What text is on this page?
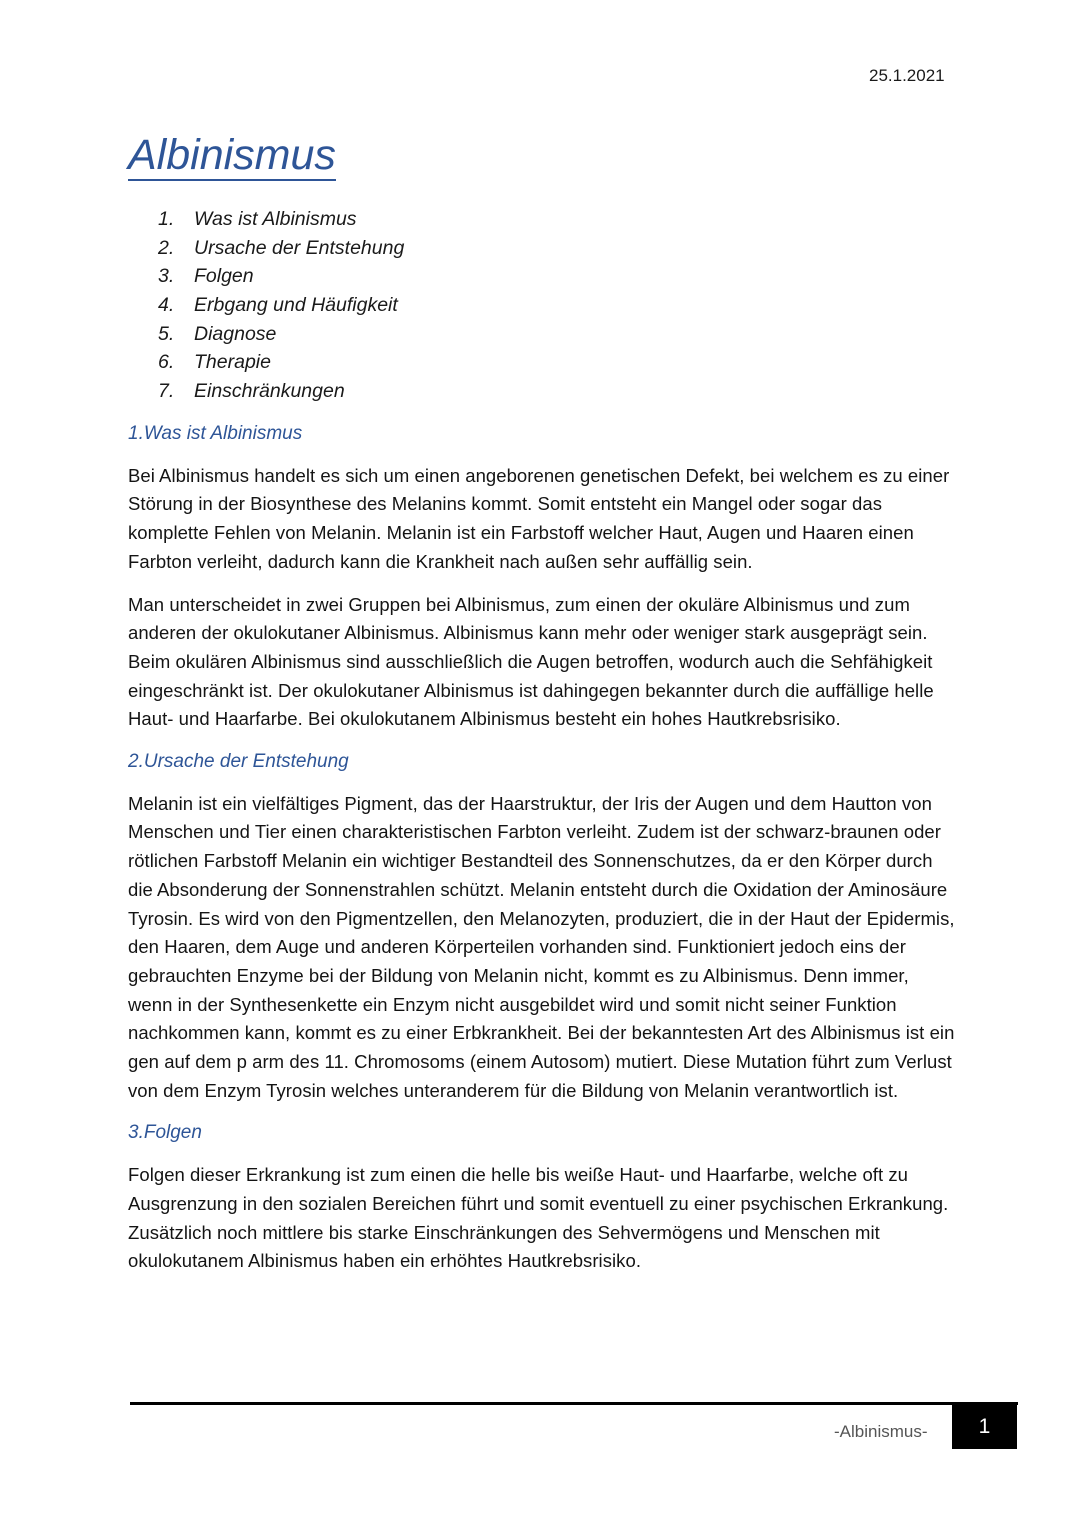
25.1.2021
Albinismus
1. Was ist Albinismus
2. Ursache der Entstehung
3. Folgen
4. Erbgang und Häufigkeit
5. Diagnose
6. Therapie
7. Einschränkungen
1.Was ist Albinismus

Bei Albinismus handelt es sich um einen angeborenen genetischen Defekt, bei welchem es zu einer Störung in der Biosynthese des Melanins kommt. Somit entsteht ein Mangel oder sogar das komplette Fehlen von Melanin. Melanin ist ein Farbstoff welcher Haut, Augen und Haaren einen Farbton verleiht, dadurch kann die Krankheit nach außen sehr auffällig sein.

Man unterscheidet in zwei Gruppen bei Albinismus, zum einen der okuläre Albinismus und zum anderen der okulokutaner Albinismus. Albinismus kann mehr oder weniger stark ausgeprägt sein. Beim okulären Albinismus sind ausschließlich die Augen betroffen, wodurch auch die Sehfähigkeit eingeschränkt ist. Der okulokutaner Albinismus ist dahingegen bekannter durch die auffällige helle Haut- und Haarfarbe. Bei okulokutanem Albinismus besteht ein hohes Hautkrebsrisiko.

2.Ursache der Entstehung

Melanin ist ein vielfältiges Pigment, das der Haarstruktur, der Iris der Augen und dem Hautton von Menschen und Tier einen charakteristischen Farbton verleiht. Zudem ist der schwarz-braunen oder rötlichen Farbstoff Melanin ein wichtiger Bestandteil des Sonnenschutzes, da er den Körper durch die Absonderung der Sonnenstrahlen schützt. Melanin entsteht durch die Oxidation der Aminosäure Tyrosin. Es wird von den Pigmentzellen, den Melanozyten, produziert, die in der Haut der Epidermis, den Haaren, dem Auge und anderen Körperteilen vorhanden sind. Funktioniert jedoch eins der gebrauchten Enzyme bei der Bildung von Melanin nicht, kommt es zu Albinismus. Denn immer, wenn in der Synthesenkette ein Enzym nicht ausgebildet wird und somit nicht seiner Funktion nachkommen kann, kommt es zu einer Erbkrankheit. Bei der bekanntesten Art des Albinismus ist ein gen auf dem p arm des 11. Chromosoms (einem Autosom) mutiert. Diese Mutation führt zum Verlust von dem Enzym Tyrosin welches unteranderem für die Bildung von Melanin verantwortlich ist.

3.Folgen

Folgen dieser Erkrankung ist zum einen die helle bis weiße Haut- und Haarfarbe, welche oft zu Ausgrenzung in den sozialen Bereichen führt und somit eventuell zu einer psychischen Erkrankung. Zusätzlich noch mittlere bis starke Einschränkungen des Sehvermögens und Menschen mit okulokutanem Albinismus haben ein erhöhtes Hautkrebsrisiko.

-Albinismus-	1
